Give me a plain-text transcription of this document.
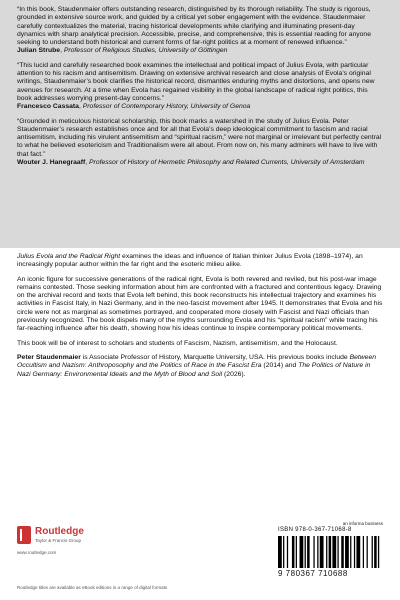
“In this book, Staudenmaier offers outstanding research, distinguished by its thorough reliability. The study is rigorous, grounded in extensive source work, and guided by a critical yet sober engagement with the evidence. Staudenmaier carefully contextualizes the material, tracing historical developments while clarifying and illuminating present-day dynamics with sharp analytical precision. Accessible, precise, and comprehensive, this is essential reading for anyone seeking to understand both historical and current forms of far-right politics at a moment of renewed influence.”

Julian Strube, Professor of Religious Studies, University of Göttingen

“This lucid and carefully researched book examines the intellectual and political impact of Julius Evola, with particular attention to his racism and antisemitism. Drawing on extensive archival research and close analysis of Evola’s original writings, Staudenmaier’s book clarifies the historical record, dismantles enduring myths and distortions, and opens new avenues for research. At a time when Evola has regained visibility in the global landscape of radical right politics, this book addresses worrying present-day concerns.”

Francesco Cassata, Professor of Contemporary History, University of Genoa

“Grounded in meticulous historical scholarship, this book marks a watershed in the study of Julius Evola. Peter Staudenmaier’s research establishes once and for all that Evola’s deep ideological commitment to fascism and racial antisemitism, including his virulent antisemitism and “spiritual racism,” were not marginal or irrelevant but perfectly central to what he believed esotericism and Traditionalism were all about. From now on, his many admirers will have to live with that fact.”

Wouter J. Hanegraaff, Professor of History of Hermetic Philosophy and Related Currents, University of Amsterdam

Julius Evola and the Radical Right examines the ideas and influence of Italian thinker Julius Evola (1898–1974), an increasingly popular author within the far right and the esoteric milieu alike.

An iconic figure for successive generations of the radical right, Evola is both revered and reviled, but his post-war image remains contested. Those seeking information about him are confronted with a fractured and contentious legacy. Drawing on the archival record and texts that Evola left behind, this book reconstructs his intellectual trajectory and examines his activities in Fascist Italy, in Nazi Germany, and in the neo-fascist movement after 1945. It demonstrates that Evola and his circle were not as marginal as sometimes portrayed, and cooperated more closely with Fascist and Nazi officials than previously recognized. The book dispels many of the myths surrounding Evola and his “spiritual racism” while tracing his far-reaching influence after his death, showing how his ideas continue to inspire contemporary political movements.

This book will be of interest to scholars and students of Fascism, Nazism, antisemitism, and the Holocaust.

Peter Staudenmaier is Associate Professor of History, Marquette University, USA. His previous books include Between Occultism and Nazism: Anthroposophy and the Politics of Race in the Fascist Era (2014) and The Politics of Nature in Nazi Germany: Environmental Ideals and the Myth of Blood and Soil (2026).

an informa business
Routledge
Taylor & Francis Group
www.routledge.com
ISBN 978-0-367-71068-8
9 780367 710688
Routledge titles are available as eBook editions in a range of digital formats
